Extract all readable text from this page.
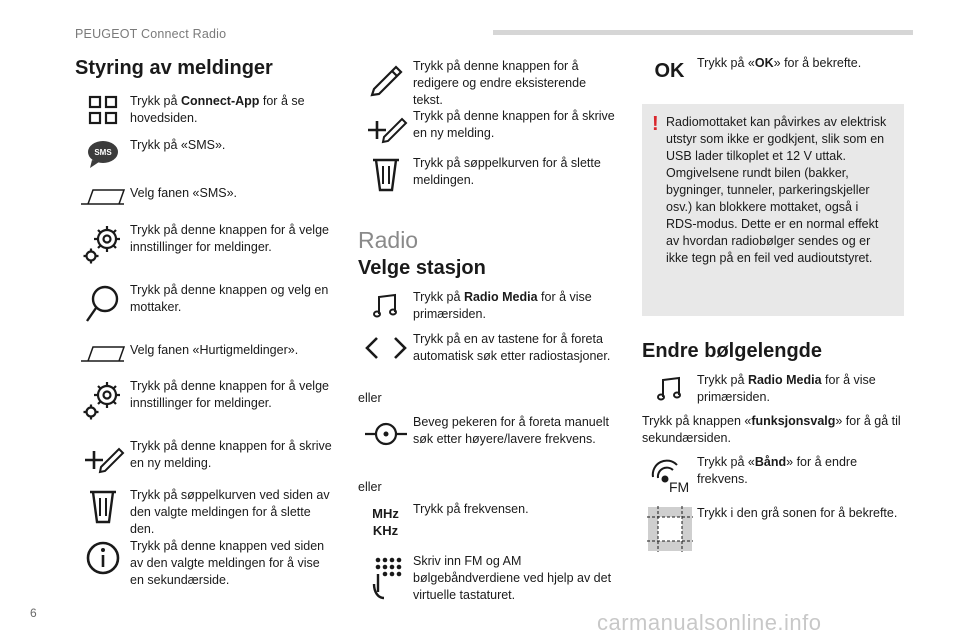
PEUGEOT Connect Radio
Styring av meldinger
Trykk på Connect-App for å se hovedsiden.
SMS
Trykk på «SMS».
Velg fanen «SMS».
Trykk på denne knappen for å velge innstillinger for meldinger.
Trykk på denne knappen og velg en mottaker.
Velg fanen «Hurtigmeldinger».
Trykk på denne knappen for å velge innstillinger for meldinger.
Trykk på denne knappen for å skrive en ny melding.
Trykk på søppelkurven ved siden av den valgte meldingen for å slette den.
Trykk på denne knappen ved siden av den valgte meldingen for å vise en sekundærside.
Trykk på denne knappen for å redigere og endre eksisterende tekst.
Trykk på denne knappen for å skrive en ny melding.
Trykk på søppelkurven for å slette meldingen.
Radio
Velge stasjon
Trykk på Radio Media for å vise primærsiden.
Trykk på en av tastene for å foreta automatisk søk etter radiostasjoner.
eller
Beveg pekeren for å foreta manuelt søk etter høyere/lavere frekvens.
eller
MHz
KHz
Trykk på frekvensen.
Skriv inn FM og AM bølgebåndverdiene ved hjelp av det virtuelle tastaturet.
OK	Trykk på «OK» for å bekrefte.
! Radiomottaket kan påvirkes av elektrisk utstyr som ikke er godkjent, slik som en USB lader tilkoplet et 12 V uttak. Omgivelsene rundt bilen (bakker, bygninger, tunneler, parkeringskjeller osv.) kan blokkere mottaket, også i RDS-modus. Dette er en normal effekt av hvordan radiobølger sendes og er ikke tegn på en feil ved audioutstyret.
Endre bølgelengde
Trykk på Radio Media for å vise primærsiden.
Trykk på knappen «funksjonsvalg» for å gå til sekundærsiden.
FM
Trykk på «Bånd» for å endre frekvens.
Trykk i den grå sonen for å bekrefte.
6	carmanualsonline.info
